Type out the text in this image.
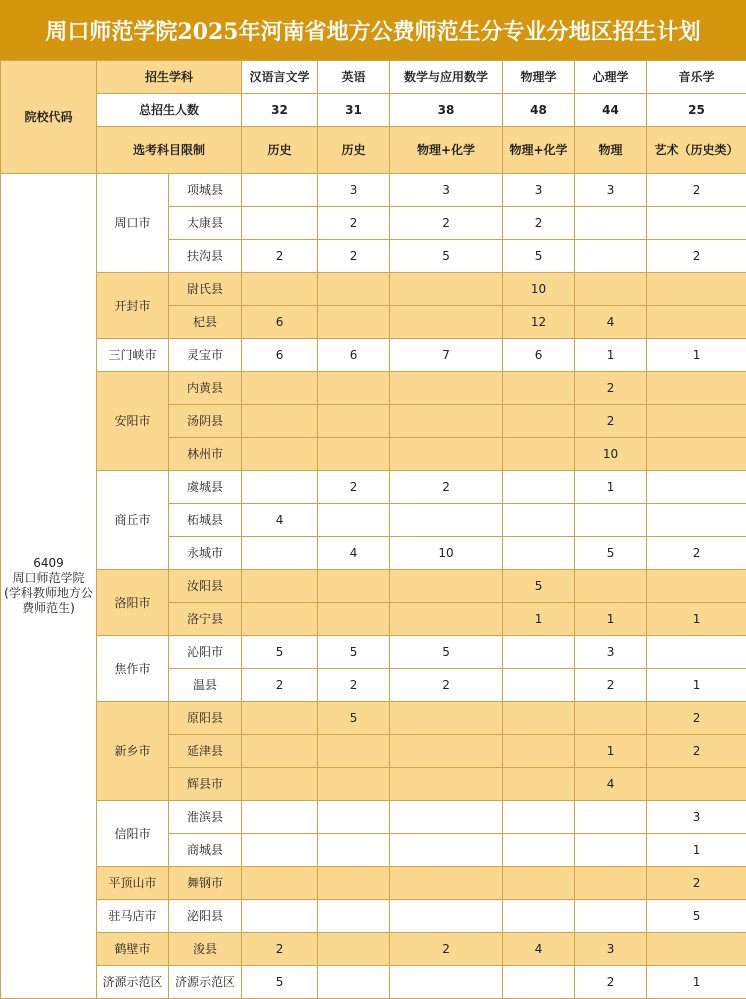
周口师范学院2025年河南省地方公费师范生分专业分地区招生计划
院校代码	招生学科		汉语言文学	英语	数学与应用数学	物理学	心理学	音乐学
	总招生人数		32	31	38	48	44	25
	选考科目限制		历史	历史	物理+化学	物理+化学	物理	艺术（历史类）

6409
周口师范学院
(学科教师地方公费师范生)	周口市	项城县		3	3	3	3	2
		太康县		2	2	2		
		扶沟县	2	2	5	5		2
	开封市	尉氏县				10		
		杞县	6			12	4	
	三门峡市	灵宝市	6	6	7	6	1	1
	安阳市	内黄县					2	
		汤阴县					2	
		林州市					10	
	商丘市	虞城县		2	2		1	
		柘城县	4					
		永城市		4	10		5	2
	洛阳市	汝阳县				5		
		洛宁县				1	1	1
	焦作市	沁阳市	5	5	5		3	
		温县	2	2	2		2	1
	新乡市	原阳县		5				2
		延津县					1	2
		辉县市					4	
	信阳市	淮滨县						3
		商城县						1
	平顶山市	舞钢市						2
	驻马店市	泌阳县						5
	鹤壁市	浚县	2		2	4	3	
	济源示范区	济源示范区	5				2	1
